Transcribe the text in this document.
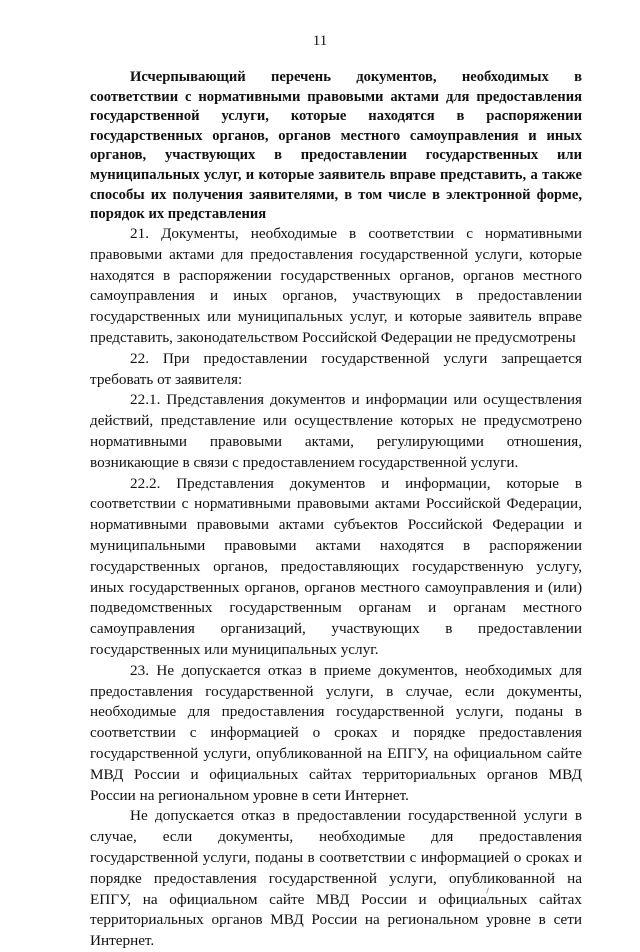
11
Исчерпывающий перечень документов, необходимых в соответствии с нормативными правовыми актами для предоставления государственной услуги, которые находятся в распоряжении государственных органов, органов местного самоуправления и иных органов, участвующих в предоставлении государственных или муниципальных услуг, и которые заявитель вправе представить, а также способы их получения заявителями, в том числе в электронной форме, порядок их представления

21. Документы, необходимые в соответствии с нормативными правовыми актами для предоставления государственной услуги, которые находятся в распоряжении государственных органов, органов местного самоуправления и иных органов, участвующих в предоставлении государственных или муниципальных услуг, и которые заявитель вправе представить, законодательством Российской Федерации не предусмотрены

22. При предоставлении государственной услуги запрещается требовать от заявителя:

22.1. Представления документов и информации или осуществления действий, представление или осуществление которых не предусмотрено нормативными правовыми актами, регулирующими отношения, возникающие в связи с предоставлением государственной услуги.

22.2. Представления документов и информации, которые в соответствии с нормативными правовыми актами Российской Федерации, нормативными правовыми актами субъектов Российской Федерации и муниципальными правовыми актами находятся в распоряжении государственных органов, предоставляющих государственную услугу, иных государственных органов, органов местного самоуправления и (или) подведомственных государственным органам и органам местного самоуправления организаций, участвующих в предоставлении государственных или муниципальных услуг.

23. Не допускается отказ в приеме документов, необходимых для предоставления государственной услуги, в случае, если документы, необходимые для предоставления государственной услуги, поданы в соответствии с информацией о сроках и порядке предоставления государственной услуги, опубликованной на ЕПГУ, на официальном сайте МВД России и официальных сайтах территориальных органов МВД России на региональном уровне в сети Интернет.

Не допускается отказ в предоставлении государственной услуги в случае, если документы, необходимые для предоставления государственной услуги, поданы в соответствии с информацией о сроках и порядке предоставления государственной услуги, опубликованной на ЕПГУ, на официальном сайте МВД России и официальных сайтах территориальных органов МВД России на региональном уровне в сети Интернет.
